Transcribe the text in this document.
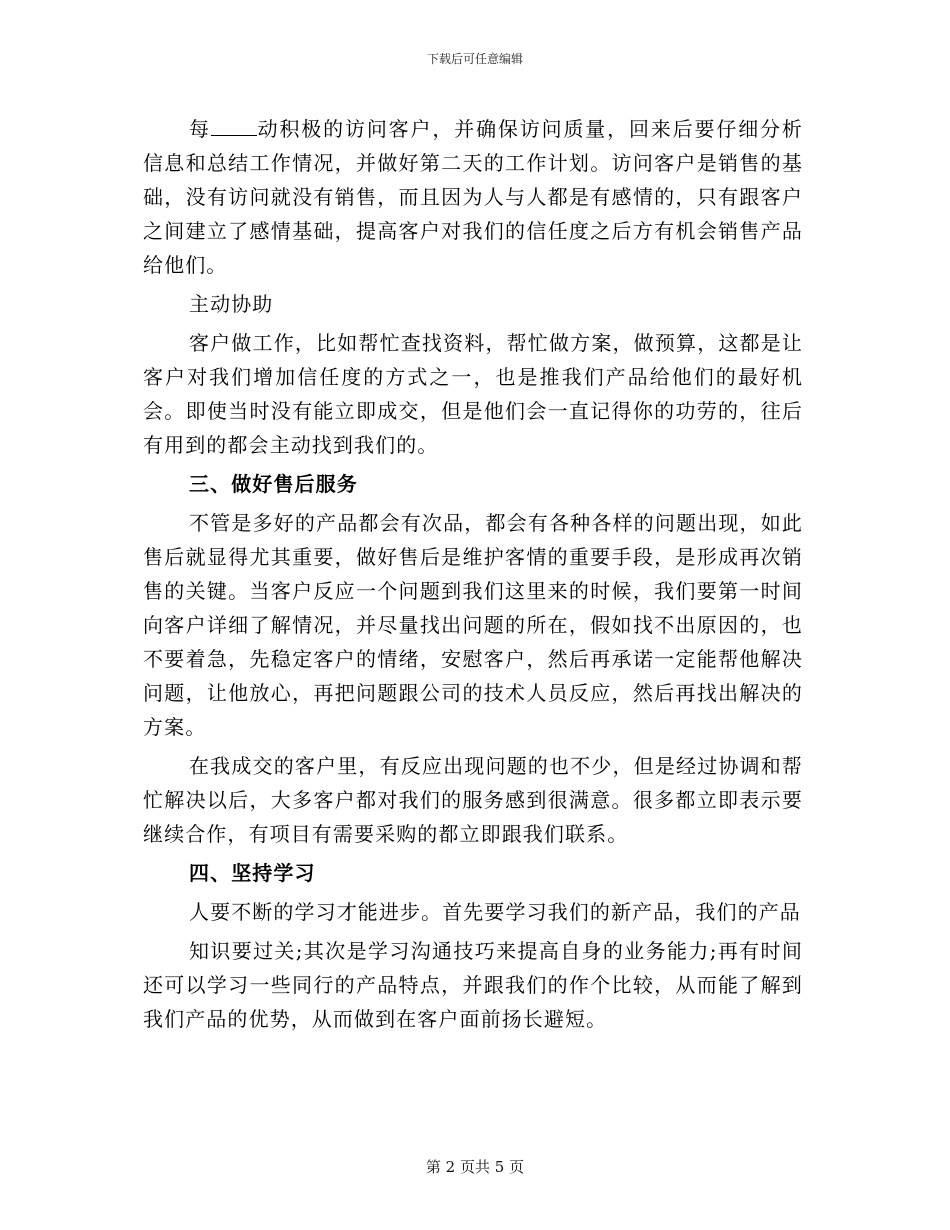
下载后可任意编辑

每 动积极的访问客户，并确保访问质量，回来后要仔细分析信息和总结工作情况，并做好第二天的工作计划。访问客户是销售的基础，没有访问就没有销售，而且因为人与人都是有感情的，只有跟客户之间建立了感情基础，提高客户对我们的信任度之后方有机会销售产品给他们。

主动协助

客户做工作，比如帮忙查找资料，帮忙做方案，做预算，这都是让客户对我们增加信任度的方式之一，也是推我们产品给他们的最好机会。即使当时没有能立即成交，但是他们会一直记得你的功劳的，往后有用到的都会主动找到我们的。

三、做好售后服务

不管是多好的产品都会有次品，都会有各种各样的问题出现，如此售后就显得尤其重要，做好售后是维护客情的重要手段，是形成再次销售的关键。当客户反应一个问题到我们这里来的时候，我们要第一时间向客户详细了解情况，并尽量找出问题的所在，假如找不出原因的，也不要着急，先稳定客户的情绪，安慰客户，然后再承诺一定能帮他解决问题，让他放心，再把问题跟公司的技术人员反应，然后再找出解决的方案。

在我成交的客户里，有反应出现问题的也不少，但是经过协调和帮忙解决以后，大多客户都对我们的服务感到很满意。很多都立即表示要继续合作，有项目有需要采购的都立即跟我们联系。

四、坚持学习

人要不断的学习才能进步。首先要学习我们的新产品，我们的产品

知识要过关;其次是学习沟通技巧来提高自身的业务能力;再有时间还可以学习一些同行的产品特点，并跟我们的作个比较，从而能了解到我们产品的优势，从而做到在客户面前扬长避短。

第 2 页共 5 页
